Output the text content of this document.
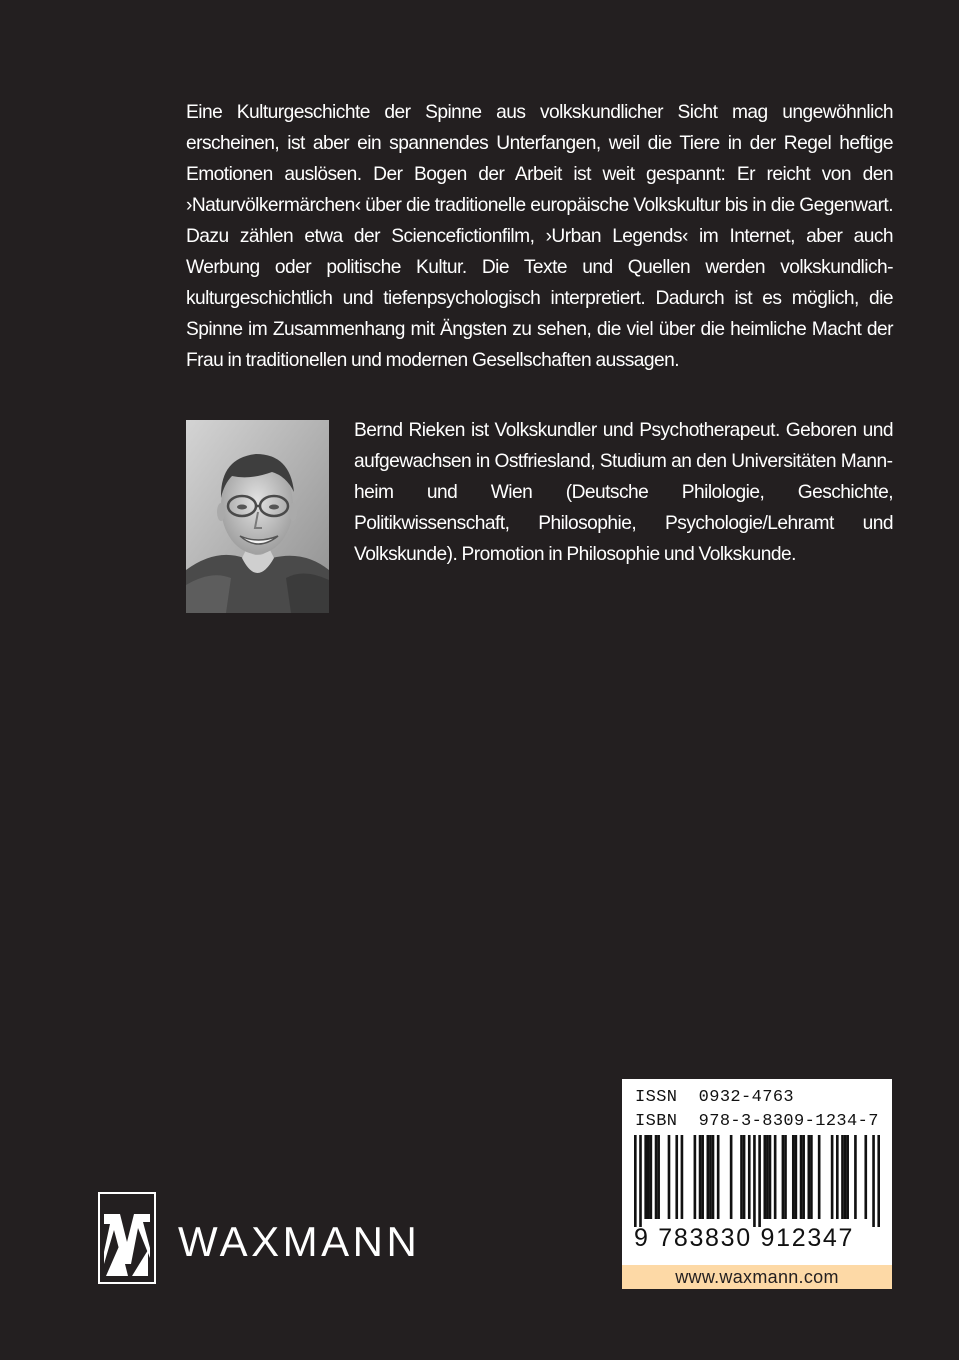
Eine Kulturgeschichte der Spinne aus volkskundlicher Sicht mag ungewöhnlich erscheinen, ist aber ein spannendes Unterfangen, weil die Tiere in der Regel heftige Emotionen auslösen. Der Bogen der Arbeit ist weit gespannt: Er reicht von den ›Naturvölkermärchen‹ über die traditionelle europäische Volkskultur bis in die Gegenwart. Dazu zählen etwa der Sciencefictionfilm, ›Urban Legends‹ im Internet, aber auch Werbung oder politische Kultur. Die Texte und Quellen werden volkskundlich-kulturgeschichtlich und tiefenpsychologisch interpretiert. Dadurch ist es möglich, die Spinne im Zusammenhang mit Ängsten zu sehen, die viel über die heimliche Macht der Frau in traditionellen und modernen Gesellschaften aussagen.

Bernd Rieken ist Volkskundler und Psychotherapeut. Geboren und aufgewachsen in Ostfriesland, Studium an den Universitäten Mannheim und Wien (Deutsche Philologie, Geschichte, Politikwissenschaft, Philosophie, Psychologie/Lehramt und Volkskunde). Promotion in Philosophie und Volkskunde.

WAXMANN
ISSN  0932-4763
ISBN  978-3-8309-1234-7
9 783830 912347
www.waxmann.com
